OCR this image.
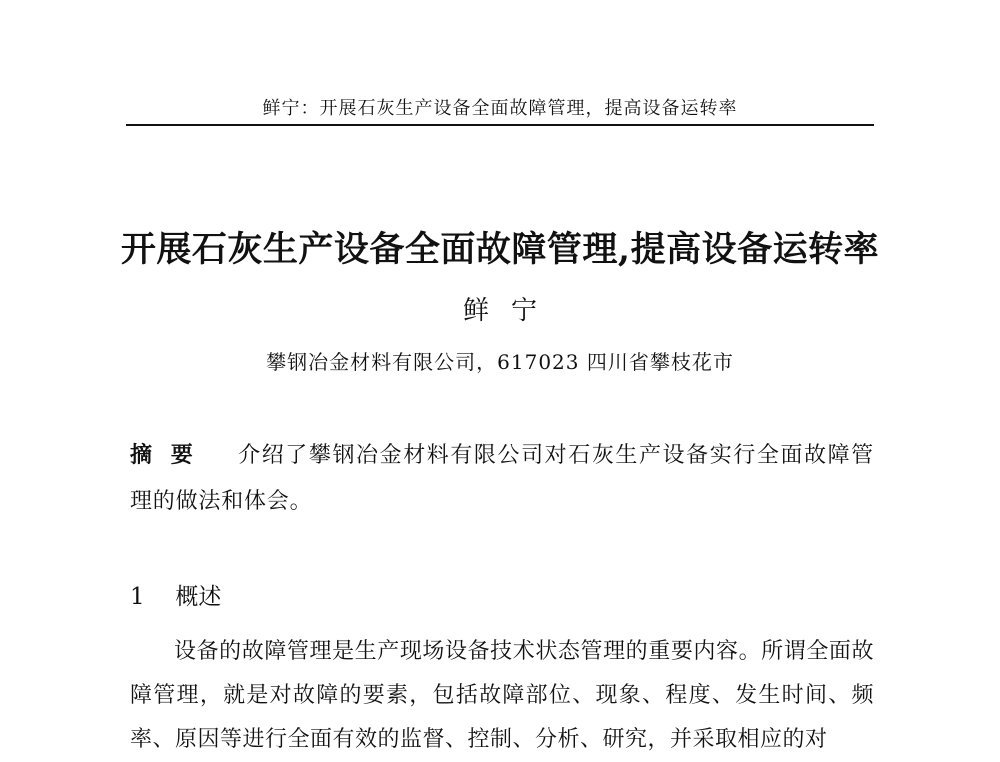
鲜宁：开展石灰生产设备全面故障管理，提高设备运转率
开展石灰生产设备全面故障管理,提高设备运转率
鲜宁
攀钢冶金材料有限公司，617023 四川省攀枝花市
摘要 介绍了攀钢冶金材料有限公司对石灰生产设备实行全面故障管理的做法和体会。
1 概述

设备的故障管理是生产现场设备技术状态管理的重要内容。所谓全面故障管理，就是对故障的要素，包括故障部位、现象、程度、发生时间、频率、原因等进行全面有效的监督、控制、分析、研究，并采取相应的对
